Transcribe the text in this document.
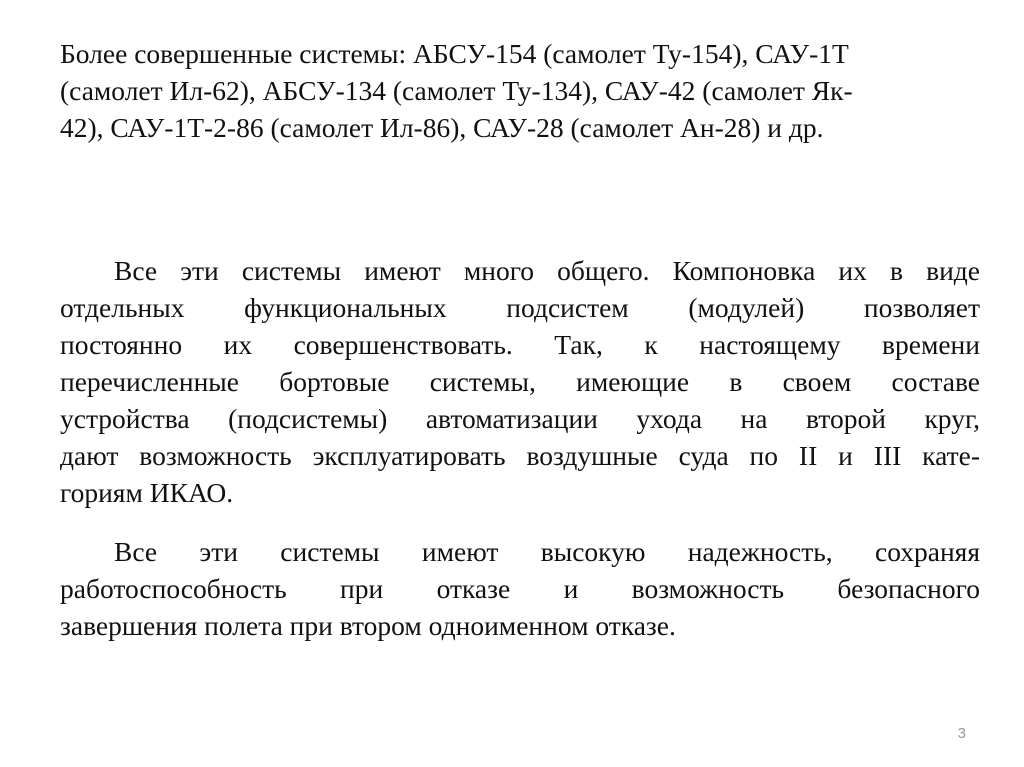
Более совершенные системы: АБСУ-154 (самолет Ту-154), САУ-1Т
(самолет Ил-62), АБСУ-134 (самолет Ту-134), САУ-42 (самолет Як-
42), САУ-1Т-2-86 (самолет Ил-86), САУ-28 (самолет Ан-28) и др.
Все эти системы имеют много общего. Компоновка их в виде
отдельных функциональных подсистем (модулей) позволяет
постоянно их совершенствовать. Так, к настоящему времени
перечисленные бортовые системы, имеющие в своем составе
устройства (подсистемы) автоматизации ухода на второй круг,
дают возможность эксплуатировать воздушные суда по II и III кате-
гориям ИКАО.
Все эти системы имеют высокую надежность, сохраняя
работоспособность при отказе и возможность безопасного
завершения полета при втором одноименном отказе.
3
